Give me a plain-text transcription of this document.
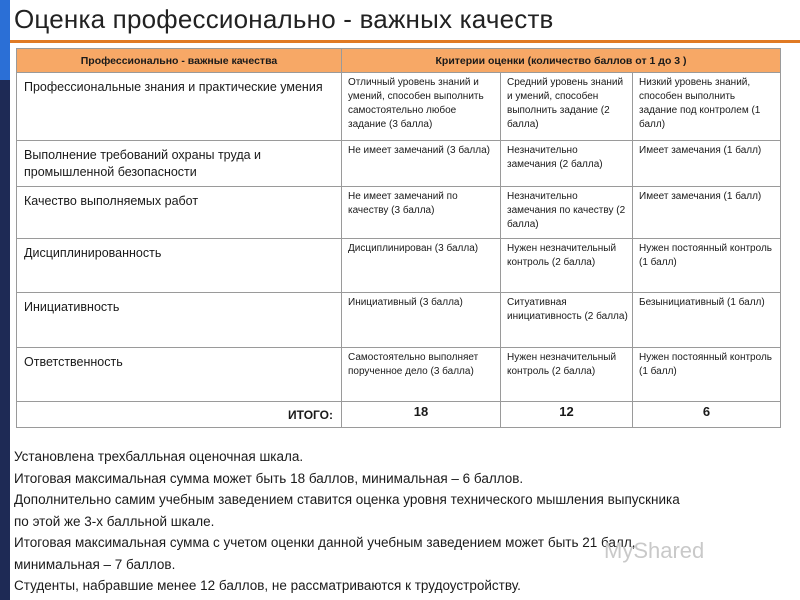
Оценка профессионально - важных качеств
Профессионально - важные качества	Критерии оценки (количество баллов от 1 до 3 )		
Профессиональные знания и практические умения	Отличный уровень знаний и умений, способен выполнить самостоятельно любое задание (3 балла)	Средний уровень знаний и умений, способен выполнить задание (2 балла)	Низкий уровень знаний, способен выполнить задание под контролем (1 балл)
Выполнение требований охраны труда и промышленной безопасности	Не имеет замечаний (3 балла)	Незначительно замечания (2 балла)	Имеет замечания (1 балл)
Качество выполняемых работ	Не имеет замечаний по качеству (3 балла)	Незначительно замечания по качеству (2 балла)	Имеет замечания (1 балл)
Дисциплинированность	Дисциплинирован (3 балла)	Нужен незначительный контроль (2 балла)	Нужен постоянный контроль (1 балл)
Инициативность	Инициативный (3 балла)	Ситуативная инициативность (2 балла)	Безынициативный (1 балл)
Ответственность	Самостоятельно выполняет порученное дело (3 балла)	Нужен незначительный контроль (2 балла)	Нужен постоянный контроль (1 балл)
ИТОГО:	18	12	6

Установлена трехбалльная оценочная шкала.

Итоговая максимальная сумма может быть 18 баллов, минимальная – 6 баллов.

Дополнительно самим учебным заведением ставится оценка уровня технического мышления выпускника

по этой же 3-х балльной шкале.

Итоговая максимальная сумма с учетом оценки данной учебным заведением может быть 21 балл,

минимальная – 7 баллов.

Студенты, набравшие менее 12 баллов, не рассматриваются к трудоустройству.

MyShared
